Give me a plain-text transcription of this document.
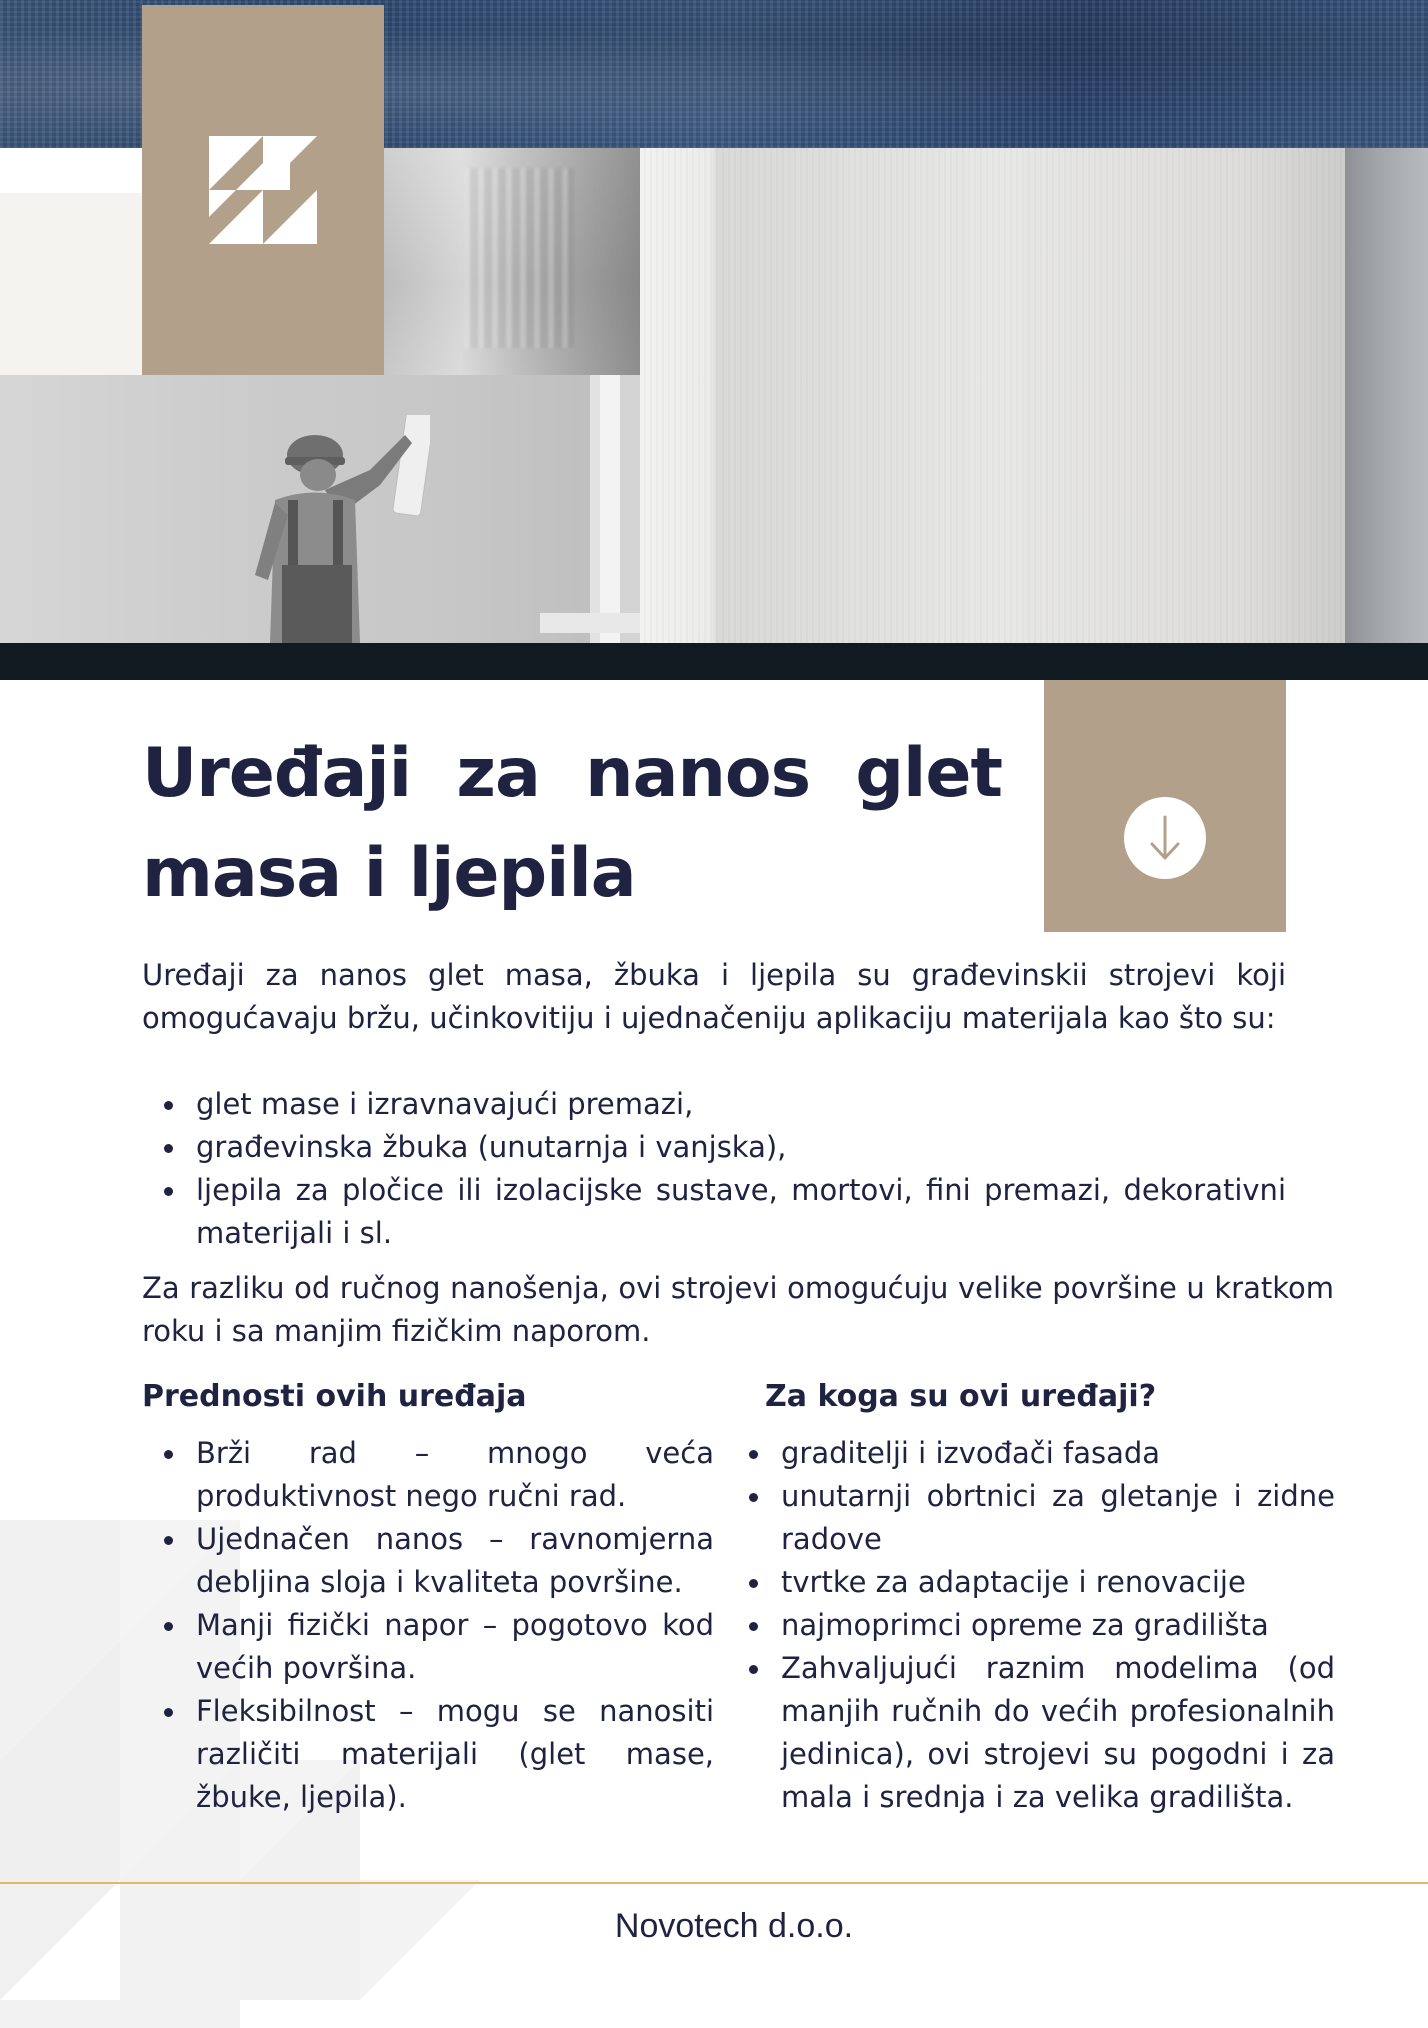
Uređaji za nanos glet
masa i ljepila

Uređaji za nanos glet masa, žbuka i ljepila su građevinskii strojevi koji omogućavaju bržu, učinkovitiju i ujednačeniju aplikaciju materijala kao što su:

glet mase i izravnavajući premazi,
građevinska žbuka (unutarnja i vanjska),
ljepila za pločice ili izolacijske sustave, mortovi, fini premazi, dekorativni materijali i sl.

Za razliku od ručnog nanošenja, ovi strojevi omogućuju velike površine u kratkom roku i sa manjim fizičkim naporom.

Prednosti ovih uređaja	Za koga su ovi uređaji?
Brži rad – mnogo veća produktivnost nego ručni rad.
Ujednačen nanos – ravnomjerna debljina sloja i kvaliteta površine.
Manji fizički napor – pogotovo kod većih površina.
Fleksibilnost – mogu se nanositi različiti materijali (glet mase, žbuke, ljepila).
graditelji i izvođači fasada
unutarnji obrtnici za gletanje i zidne radove
tvrtke za adaptacije i renovacije
najmoprimci opreme za gradilišta
Zahvaljujući raznim modelima (od manjih ručnih do većih profesionalnih jedinica), ovi strojevi su pogodni i za mala i srednja i za velika gradilišta.
Novotech d.o.o.
